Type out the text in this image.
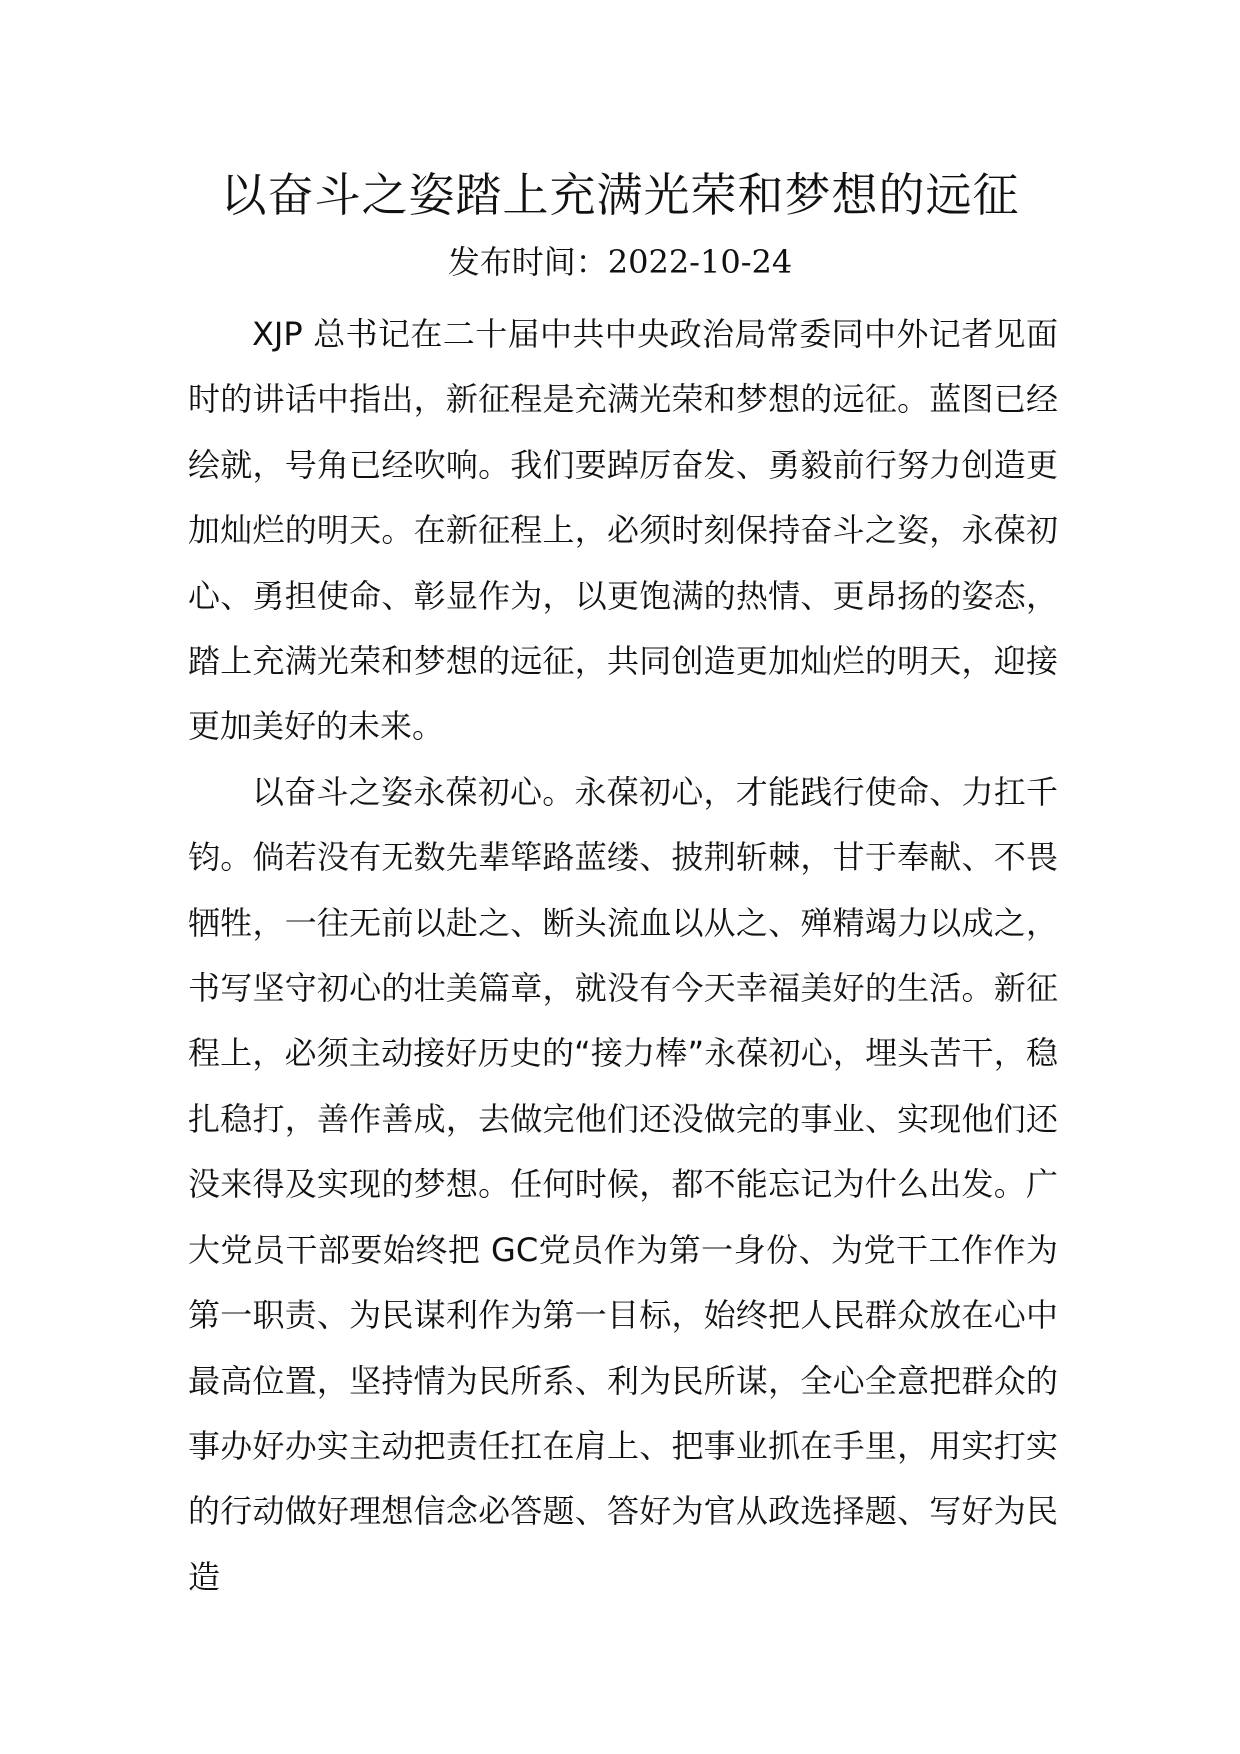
以奋斗之姿踏上充满光荣和梦想的远征
发布时间：2022-10-24

XJP 总书记在二十届中共中央政治局常委同中外记者见面时的讲话中指出，新征程是充满光荣和梦想的远征。蓝图已经绘就，号角已经吹响。我们要踔厉奋发、勇毅前行努力创造更加灿烂的明天。在新征程上，必须时刻保持奋斗之姿，永葆初心、勇担使命、彰显作为，以更饱满的热情、更昂扬的姿态，踏上充满光荣和梦想的远征，共同创造更加灿烂的明天，迎接更加美好的未来。

以奋斗之姿永葆初心。永葆初心，才能践行使命、力扛千钧。倘若没有无数先辈筚路蓝缕、披荆斩棘，甘于奉献、不畏牺牲，一往无前以赴之、断头流血以从之、殚精竭力以成之，书写坚守初心的壮美篇章，就没有今天幸福美好的生活。新征程上，必须主动接好历史的“接力棒”永葆初心，埋头苦干，稳扎稳打，善作善成，去做完他们还没做完的事业、实现他们还没来得及实现的梦想。任何时候，都不能忘记为什么出发。广大党员干部要始终把 GC党员作为第一身份、为党干工作作为第一职责、为民谋利作为第一目标，始终把人民群众放在心中最高位置，坚持情为民所系、利为民所谋，全心全意把群众的事办好办实主动把责任扛在肩上、把事业抓在手里，用实打实的行动做好理想信念必答题、答好为官从政选择题、写好为民造
